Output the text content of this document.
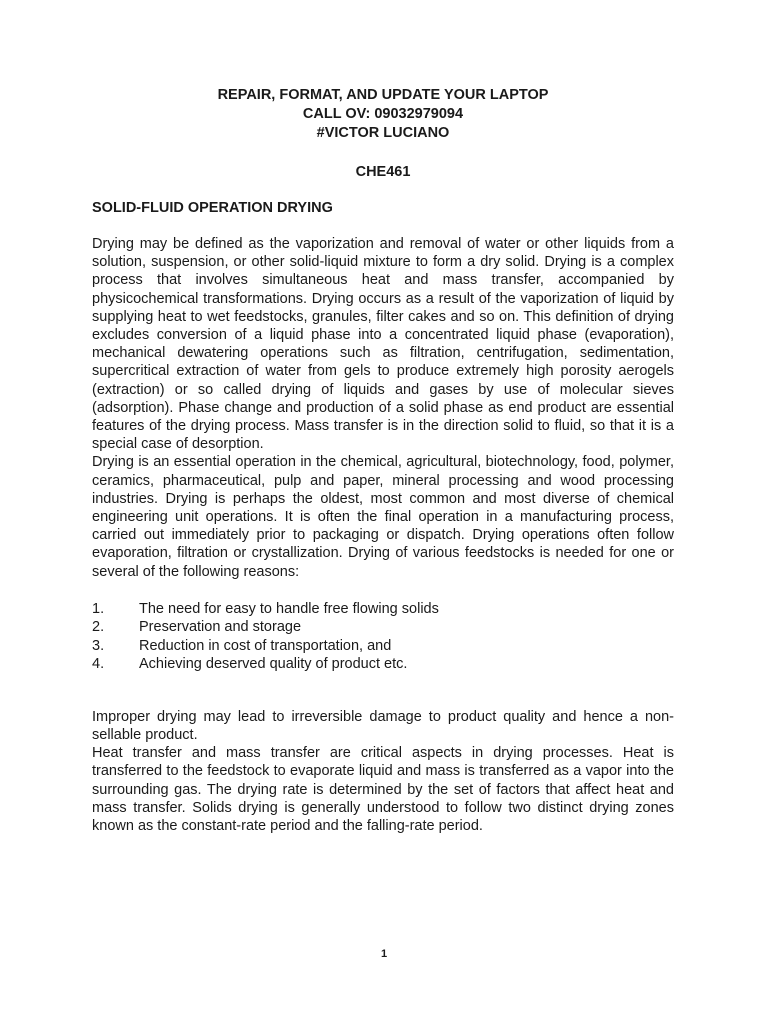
REPAIR, FORMAT, AND UPDATE YOUR LAPTOP
CALL OV: 09032979094
#VICTOR LUCIANO
CHE461
SOLID-FLUID OPERATION DRYING

Drying may be defined as the vaporization and removal of water or other liquids from a solution, suspension, or other solid-liquid mixture to form a dry solid. Drying is a complex process that involves simultaneous heat and mass transfer, accompanied by physicochemical transformations. Drying occurs as a result of the vaporization of liquid by supplying heat to wet feedstocks, granules, filter cakes and so on. This definition of drying excludes conversion of a liquid phase into a concentrated liquid phase (evaporation), mechanical dewatering operations such as filtration, centrifugation, sedimentation, supercritical extraction of water from gels to produce extremely high porosity aerogels (extraction) or so called drying of liquids and gases by use of molecular sieves (adsorption). Phase change and production of a solid phase as end product are essential features of the drying process. Mass transfer is in the direction solid to fluid, so that it is a special case of desorption.

Drying is an essential operation in the chemical, agricultural, biotechnology, food, polymer, ceramics, pharmaceutical, pulp and paper, mineral processing and wood processing industries. Drying is perhaps the oldest, most common and most diverse of chemical engineering unit operations. It is often the final operation in a manufacturing process, carried out immediately prior to packaging or dispatch. Drying operations often follow evaporation, filtration or crystallization. Drying of various feedstocks is needed for one or several of the following reasons:

1.	The need for easy to handle free flowing solids
2.	Preservation and storage
3.	Reduction in cost of transportation, and
4.	Achieving deserved quality of product etc.

Improper drying may lead to irreversible damage to product quality and hence a non-sellable product.

Heat transfer and mass transfer are critical aspects in drying processes. Heat is transferred to the feedstock to evaporate liquid and mass is transferred as a vapor into the surrounding gas. The drying rate is determined by the set of factors that affect heat and mass transfer. Solids drying is generally understood to follow two distinct drying zones known as the constant-rate period and the falling-rate period.

1
